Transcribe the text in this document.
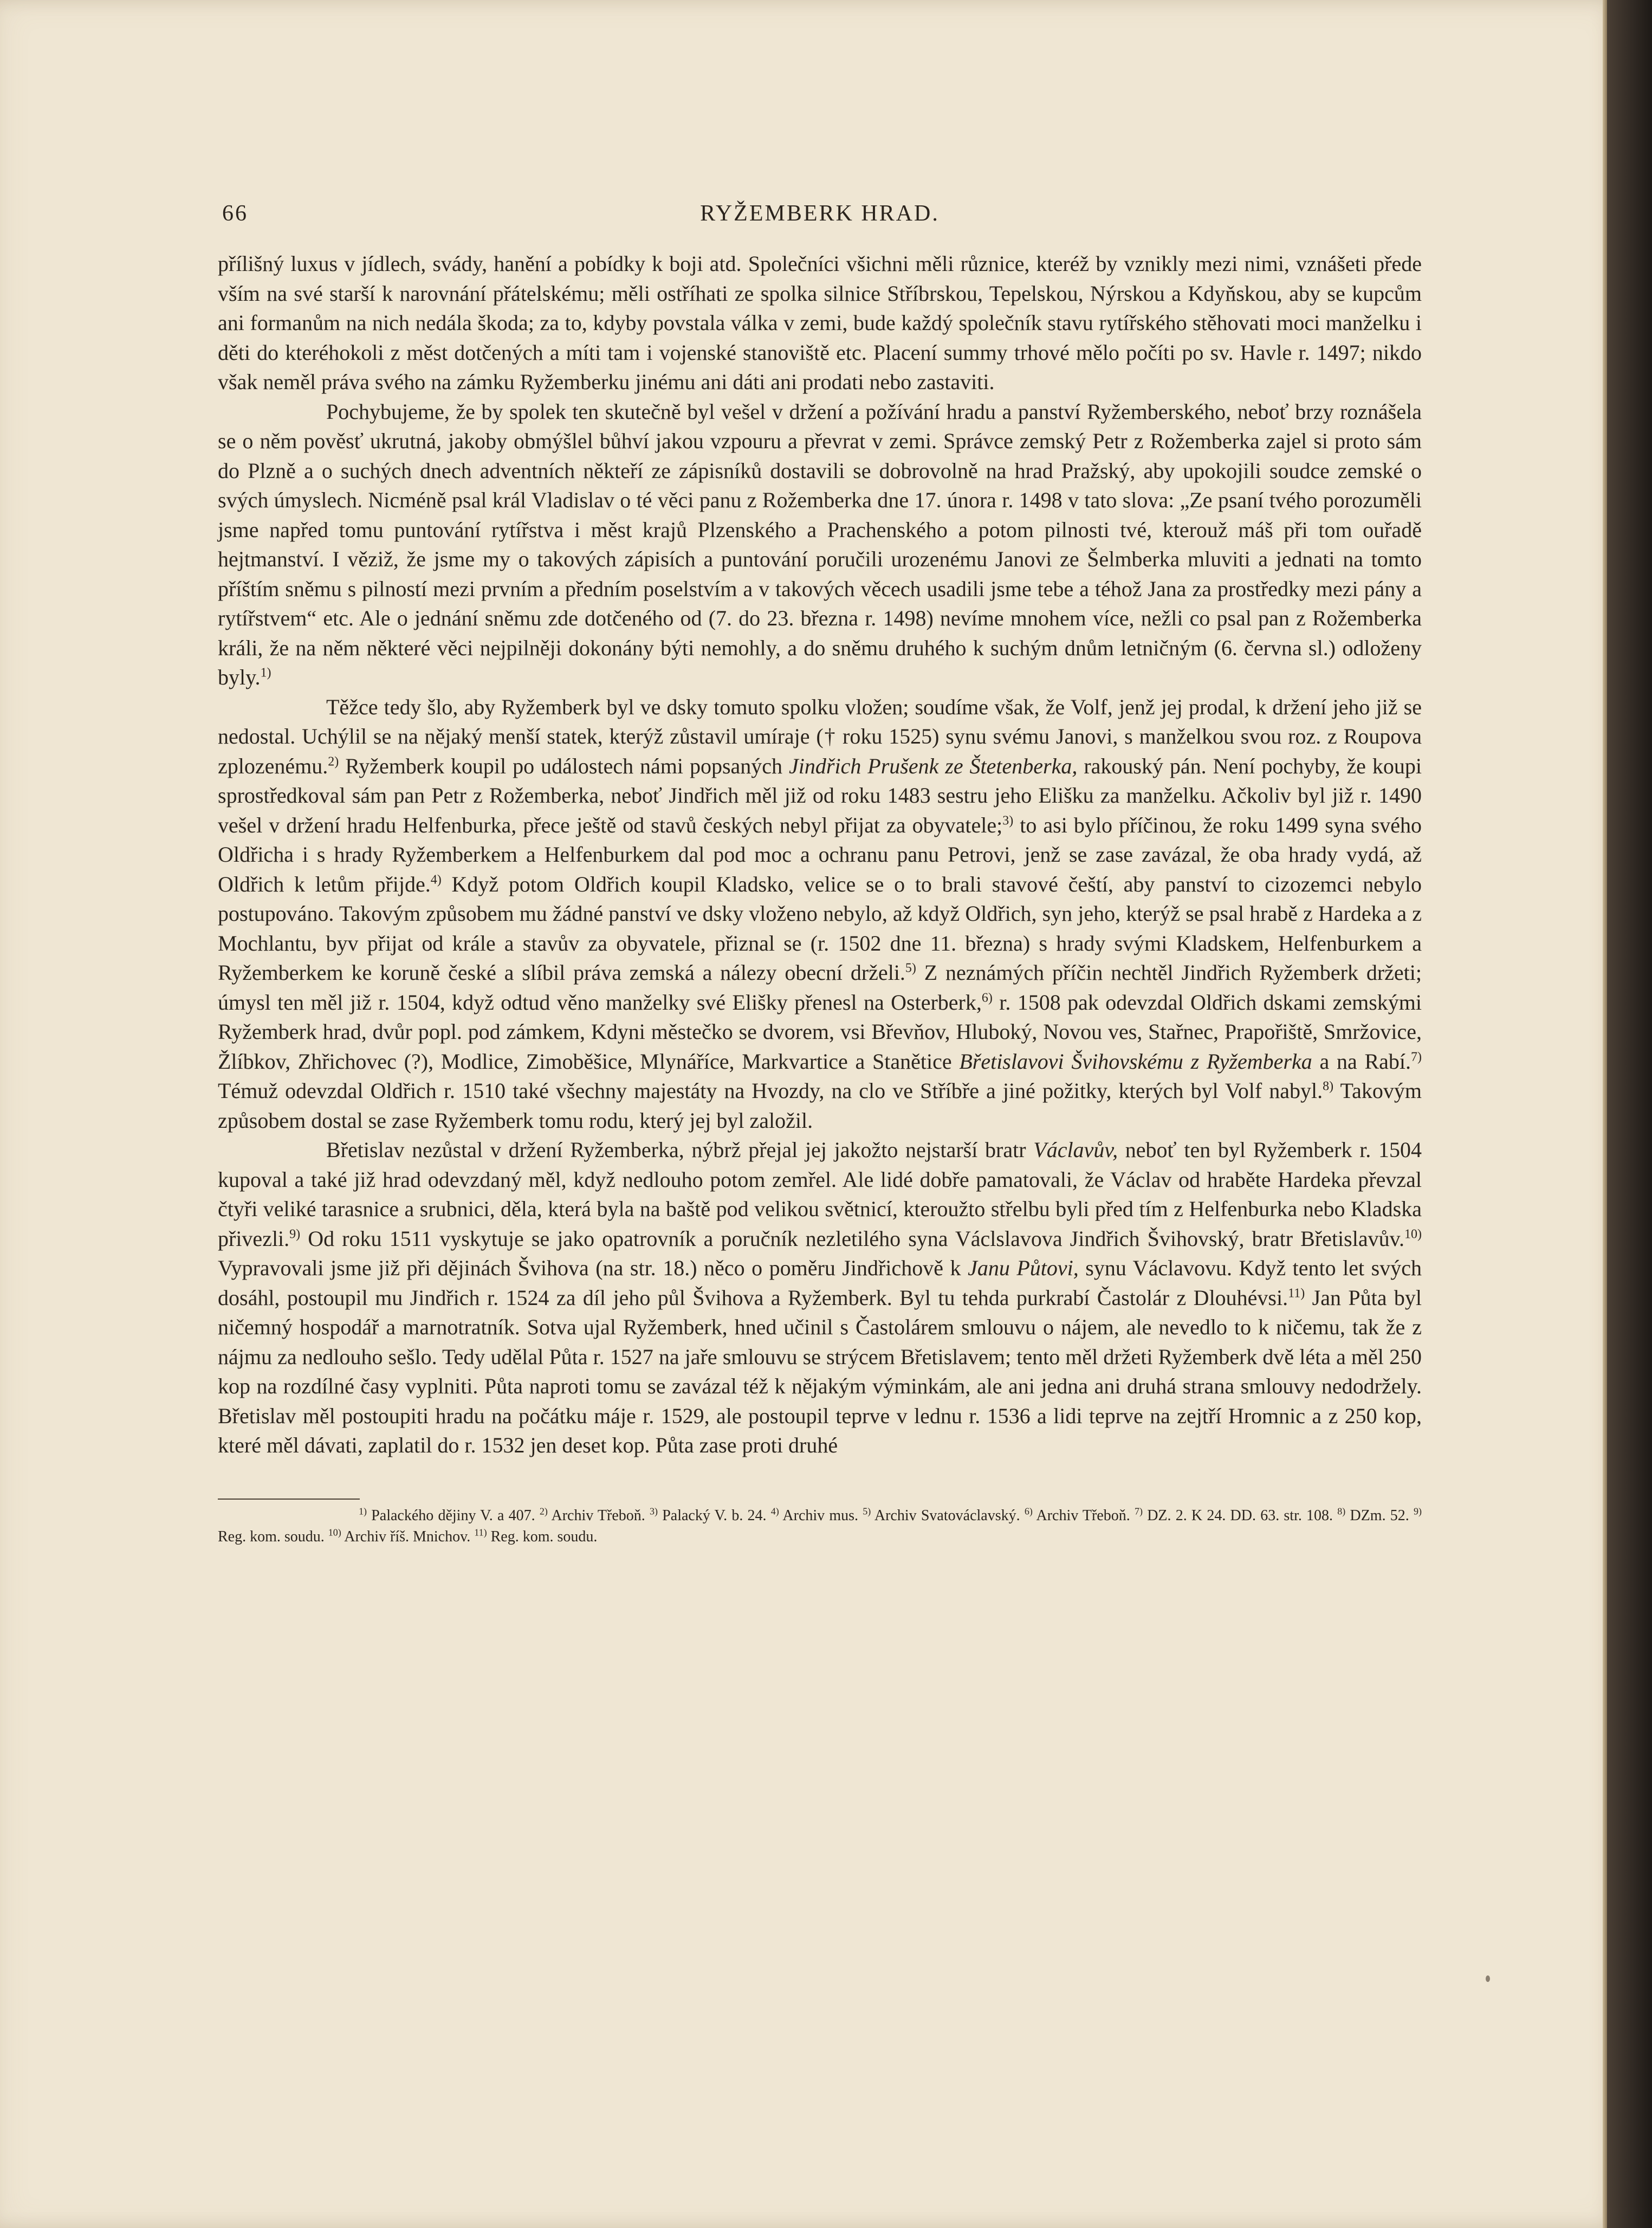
66	RYŽEMBERK HRAD.

přílišný luxus v jídlech, svády, hanění a pobídky k boji atd. Společníci všichni měli různice, kteréž by vznikly mezi nimi, vznášeti přede vším na své starší k narovnání přátelskému; měli ostříhati ze spolka silnice Stříbrskou, Tepelskou, Nýrskou a Kdyňskou, aby se kupcům ani formanům na nich nedála škoda; za to, kdyby povstala válka v zemi, bude každý společník stavu rytířského stěhovati moci manželku i děti do kteréhokoli z měst dotčených a míti tam i vojenské stanoviště etc. Placení summy trhové mělo počíti po sv. Havle r. 1497; nikdo však neměl práva svého na zámku Ryžemberku jinému ani dáti ani prodati nebo zastaviti.

Pochybujeme, že by spolek ten skutečně byl vešel v držení a požívání hradu a panství Ryžemberského, neboť brzy roznášela se o něm pověsť ukrutná, jakoby obmýšlel bůhví jakou vzpouru a převrat v zemi. Správce zemský Petr z Rožemberka zajel si proto sám do Plzně a o suchých dnech adventních někteří ze zápisníků dostavili se dobrovolně na hrad Pražský, aby upokojili soudce zemské o svých úmyslech. Nicméně psal král Vladislav o té věci panu z Rožemberka dne 17. února r. 1498 v tato slova: „Ze psaní tvého porozuměli jsme napřed tomu puntování rytířstva i měst krajů Plzenského a Prachenského a potom pilnosti tvé, kterouž máš při tom ouřadě hejtmanství. I věziž, že jsme my o takových zápisích a puntování poručili urozenému Janovi ze Šelmberka mluviti a jednati na tomto příštím sněmu s pilností mezi prvním a předním poselstvím a v takových věcech usadili jsme tebe a téhož Jana za prostředky mezi pány a rytířstvem“ etc. Ale o jednání sněmu zde dotčeného od (7. do 23. března r. 1498) nevíme mnohem více, nežli co psal pan z Rožemberka králi, že na něm některé věci nejpilněji dokonány býti nemohly, a do sněmu druhého k suchým dnům letničným (6. června sl.) odloženy byly.$^{1)}$

Těžce tedy šlo, aby Ryžemberk byl ve dsky tomuto spolku vložen; soudíme však, že Volf, jenž jej prodal, k držení jeho již se nedostal. Uchýlil se na nějaký menší statek, kterýž zůstavil umíraje († roku 1525) synu svému Janovi, s manželkou svou roz. z Roupova zplozenému.$^{2)}$ Ryžemberk koupil po událostech námi popsaných Jindřich Prušenk ze Štetenberka, rakouský pán. Není pochyby, že koupi sprostředkoval sám pan Petr z Rožemberka, neboť Jindřich měl již od roku 1483 sestru jeho Elišku za manželku. Ačkoliv byl již r. 1490 vešel v držení hradu Helfenburka, přece ještě od stavů českých nebyl přijat za obyvatele;$^{3)}$ to asi bylo příčinou, že roku 1499 syna svého Oldřicha i s hrady Ryžemberkem a Helfenburkem dal pod moc a ochranu panu Petrovi, jenž se zase zavázal, že oba hrady vydá, až Oldřich k letům přijde.$^{4)}$ Když potom Oldřich koupil Kladsko, velice se o to brali stavové čeští, aby panství to cizozemci nebylo postupováno. Takovým způsobem mu žádné panství ve dsky vloženo nebylo, až když Oldřich, syn jeho, kterýž se psal hrabě z Hardeka a z Mochlantu, byv přijat od krále a stavův za obyvatele, přiznal se (r. 1502 dne 11. března) s hrady svými Kladskem, Helfenburkem a Ryžemberkem ke koruně české a slíbil práva zemská a nálezy obecní drželi.$^{5)}$ Z neznámých příčin nechtěl Jindřich Ryžemberk držeti; úmysl ten měl již r. 1504, když odtud věno manželky své Elišky přenesl na Osterberk,$^{6)}$ r. 1508 pak odevzdal Oldřich dskami zemskými Ryžemberk hrad, dvůr popl. pod zámkem, Kdyni městečko se dvorem, vsi Břevňov, Hluboký, Novou ves, Stařnec, Prapořiště, Smržovice, Žlíbkov, Zhřichovec (?), Modlice, Zimoběšice, Mlynáříce, Markvartice a Stanětice Břetislavovi Švihovskému z Ryžemberka a na Rabí.$^{7)}$ Témuž odevzdal Oldřich r. 1510 také všechny majestáty na Hvozdy, na clo ve Stříbře a jiné požitky, kterých byl Volf nabyl.$^{8)}$ Takovým způsobem dostal se zase Ryžemberk tomu rodu, který jej byl založil.

Břetislav nezůstal v držení Ryžemberka, nýbrž přejal jej jakožto nejstarší bratr Václavův, neboť ten byl Ryžemberk r. 1504 kupoval a také již hrad odevzdaný měl, když nedlouho potom zemřel. Ale lidé dobře pamatovali, že Václav od hraběte Hardeka převzal čtyři veliké tarasnice a srubnici, děla, která byla na baště pod velikou světnicí, kteroužto střelbu byli před tím z Helfenburka nebo Kladska přivezli.$^{9)}$ Od roku 1511 vyskytuje se jako opatrovník a poručník nezletilého syna Václslavova Jindřich Švihovský, bratr Břetislavův.$^{10)}$ Vypravovali jsme již při dějinách Švihova (na str. 18.) něco o poměru Jindřichově k Janu Půtovi, synu Václavovu. Když tento let svých dosáhl, postoupil mu Jindřich r. 1524 za díl jeho půl Švihova a Ryžemberk. Byl tu tehda purkrabí Častolár z Dlouhévsi.$^{11)}$ Jan Půta byl ničemný hospodář a marnotratník. Sotva ujal Ryžemberk, hned učinil s Častolárem smlouvu o nájem, ale nevedlo to k ničemu, tak že z nájmu za nedlouho sešlo. Tedy udělal Půta r. 1527 na jaře smlouvu se strýcem Břetislavem; tento měl držeti Ryžemberk dvě léta a měl 250 kop na rozdílné časy vyplniti. Půta naproti tomu se zavázal též k nějakým výminkám, ale ani jedna ani druhá strana smlouvy nedodržely. Břetislav měl postoupiti hradu na počátku máje r. 1529, ale postoupil teprve v lednu r. 1536 a lidi teprve na zejtří Hromnic a z 250 kop, které měl dávati, zaplatil do r. 1532 jen deset kop. Půta zase proti druhé

$^{1)}$ Palackého dějiny V. a 407. $^{2)}$ Archiv Třeboň. $^{3)}$ Palacký V. b. 24. $^{4)}$ Archiv mus. $^{5)}$ Archiv Svatováclavský. $^{6)}$ Archiv Třeboň. $^{7)}$ DZ. 2. K 24. DD. 63. str. 108. $^{8)}$ DZm. 52. $^{9)}$ Reg. kom. soudu. $^{10)}$ Archiv říš. Mnichov. $^{11)}$ Reg. kom. soudu.
